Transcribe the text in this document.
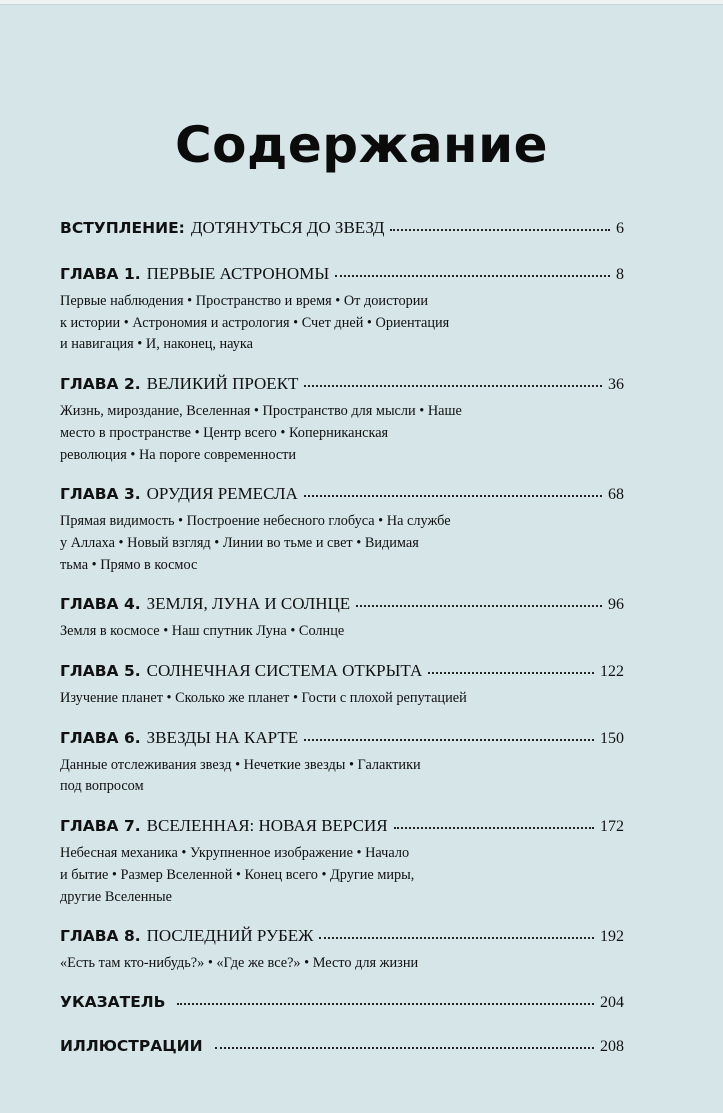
Содержание
ВСТУПЛЕНИЕ: ДОТЯНУТЬСЯ ДО ЗВЕЗД	6
ГЛАВА 1. ПЕРВЫЕ АСТРОНОМЫ	8
Первые наблюдения • Пространство и время • От доистории
к истории • Астрономия и астрология • Счет дней • Ориентация
и навигация • И, наконец, наука
ГЛАВА 2. ВЕЛИКИЙ ПРОЕКТ	36
Жизнь, мироздание, Вселенная • Пространство для мысли • Наше
место в пространстве • Центр всего • Коперниканская
революция • На пороге современности
ГЛАВА 3. ОРУДИЯ РЕМЕСЛА	68
Прямая видимость • Построение небесного глобуса • На службе
у Аллаха • Новый взгляд • Линии во тьме и свет • Видимая
тьма • Прямо в космос
ГЛАВА 4. ЗЕМЛЯ, ЛУНА И СОЛНЦЕ	96
Земля в космосе • Наш спутник Луна • Солнце
ГЛАВА 5. СОЛНЕЧНАЯ СИСТЕМА ОТКРЫТА	122
Изучение планет • Сколько же планет • Гости с плохой репутацией
ГЛАВА 6. ЗВЕЗДЫ НА КАРТЕ	150
Данные отслеживания звезд • Нечеткие звезды • Галактики
под вопросом
ГЛАВА 7. ВСЕЛЕННАЯ: НОВАЯ ВЕРСИЯ	172
Небесная механика • Укрупненное изображение • Начало
и бытие • Размер Вселенной • Конец всего • Другие миры,
другие Вселенные
ГЛАВА 8. ПОСЛЕДНИЙ РУБЕЖ	192
«Есть там кто-нибудь?» • «Где же все?» • Место для жизни
УКАЗАТЕЛЬ	204
ИЛЛЮСТРАЦИИ	208
